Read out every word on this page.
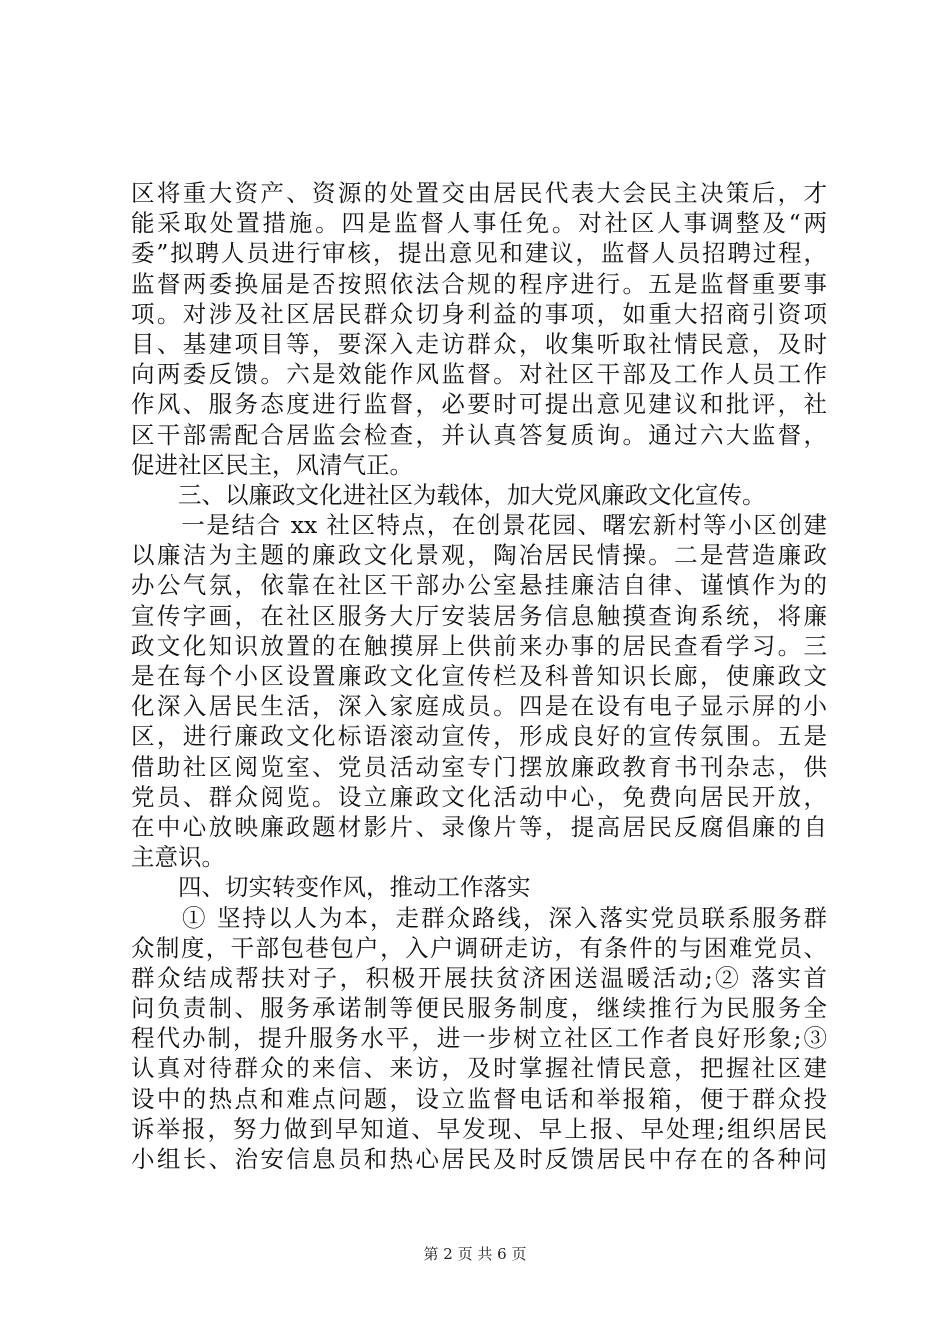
区将重大资产、资源的处置交由居民代表大会民主决策后，才
能采取处置措施。四是监督人事任免。对社区人事调整及“两
委”拟聘人员进行审核，提出意见和建议，监督人员招聘过程，
监督两委换届是否按照依法合规的程序进行。五是监督重要事
项。对涉及社区居民群众切身利益的事项，如重大招商引资项
目、基建项目等，要深入走访群众，收集听取社情民意，及时
向两委反馈。六是效能作风监督。对社区干部及工作人员工作
作风、服务态度进行监督，必要时可提出意见建议和批评，社
区干部需配合居监会检查，并认真答复质询。通过六大监督，
促进社区民主，风清气正。
　　三、以廉政文化进社区为载体，加大党风廉政文化宣传。
　　一是结合 xx 社区特点，在创景花园、曙宏新村等小区创建
以廉洁为主题的廉政文化景观，陶冶居民情操。二是营造廉政
办公气氛，依靠在社区干部办公室悬挂廉洁自律、谨慎作为的
宣传字画，在社区服务大厅安装居务信息触摸查询系统，将廉
政文化知识放置的在触摸屏上供前来办事的居民查看学习。三
是在每个小区设置廉政文化宣传栏及科普知识长廊，使廉政文
化深入居民生活，深入家庭成员。四是在设有电子显示屏的小
区，进行廉政文化标语滚动宣传，形成良好的宣传氛围。五是
借助社区阅览室、党员活动室专门摆放廉政教育书刊杂志，供
党员、群众阅览。设立廉政文化活动中心，免费向居民开放，
在中心放映廉政题材影片、录像片等，提高居民反腐倡廉的自
主意识。
　　四、切实转变作风，推动工作落实
　　① 坚持以人为本，走群众路线，深入落实党员联系服务群
众制度，干部包巷包户，入户调研走访，有条件的与困难党员、
群众结成帮扶对子，积极开展扶贫济困送温暖活动;② 落实首
问负责制、服务承诺制等便民服务制度，继续推行为民服务全
程代办制，提升服务水平，进一步树立社区工作者良好形象;③
认真对待群众的来信、来访，及时掌握社情民意，把握社区建
设中的热点和难点问题，设立监督电话和举报箱，便于群众投
诉举报，努力做到早知道、早发现、早上报、早处理;组织居民
小组长、治安信息员和热心居民及时反馈居民中存在的各种问
第 2 页 共 6 页
